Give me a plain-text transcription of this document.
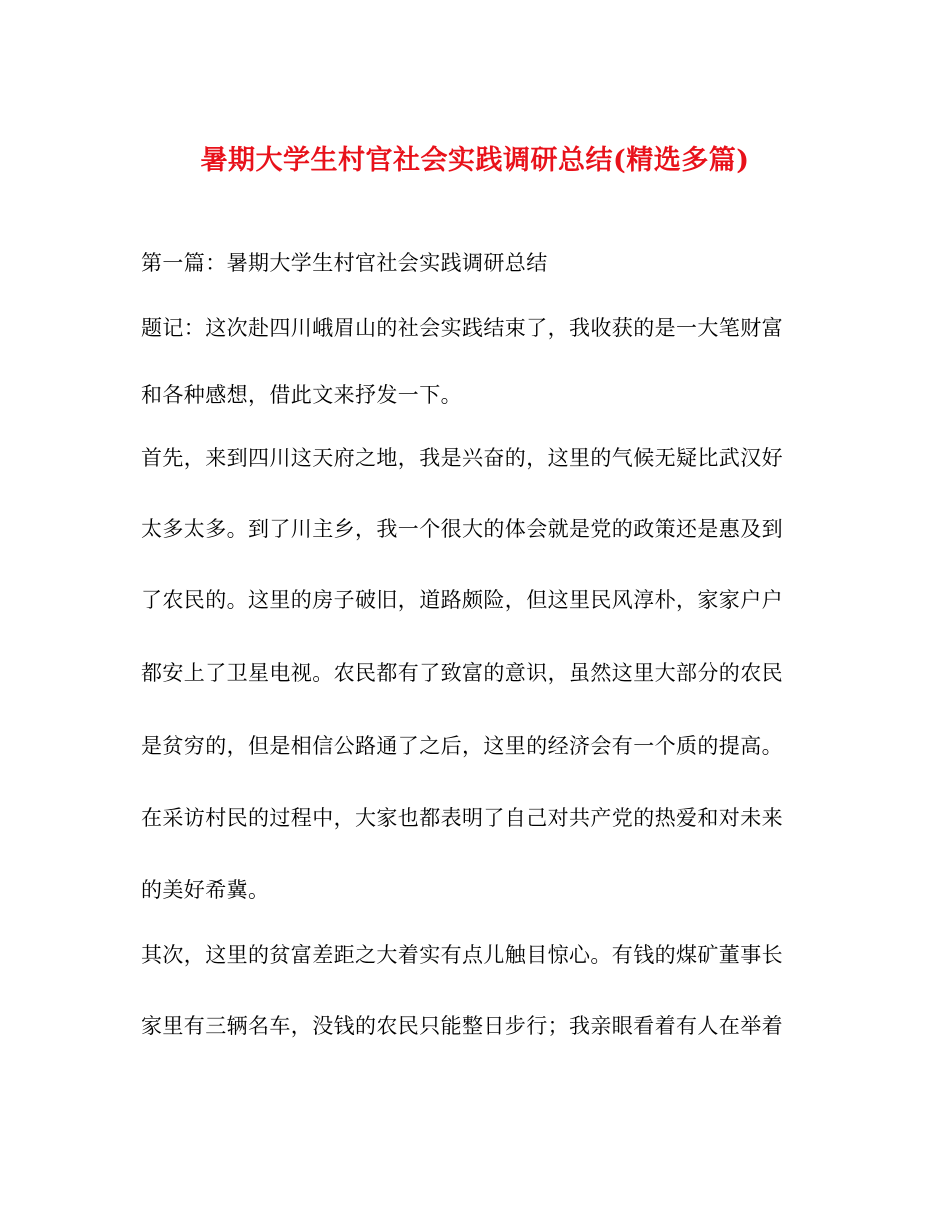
暑期大学生村官社会实践调研总结(精选多篇)
第一篇：暑期大学生村官社会实践调研总结
题记：这次赴四川峨眉山的社会实践结束了，我收获的是一大笔财富
和各种感想，借此文来抒发一下。
首先，来到四川这天府之地，我是兴奋的，这里的气候无疑比武汉好
太多太多。到了川主乡，我一个很大的体会就是党的政策还是惠及到
了农民的。这里的房子破旧，道路颇险，但这里民风淳朴，家家户户
都安上了卫星电视。农民都有了致富的意识，虽然这里大部分的农民
是贫穷的，但是相信公路通了之后，这里的经济会有一个质的提高。
在采访村民的过程中，大家也都表明了自己对共产党的热爱和对未来
的美好希冀。
其次，这里的贫富差距之大着实有点儿触目惊心。有钱的煤矿董事长
家里有三辆名车，没钱的农民只能整日步行；我亲眼看着有人在举着
